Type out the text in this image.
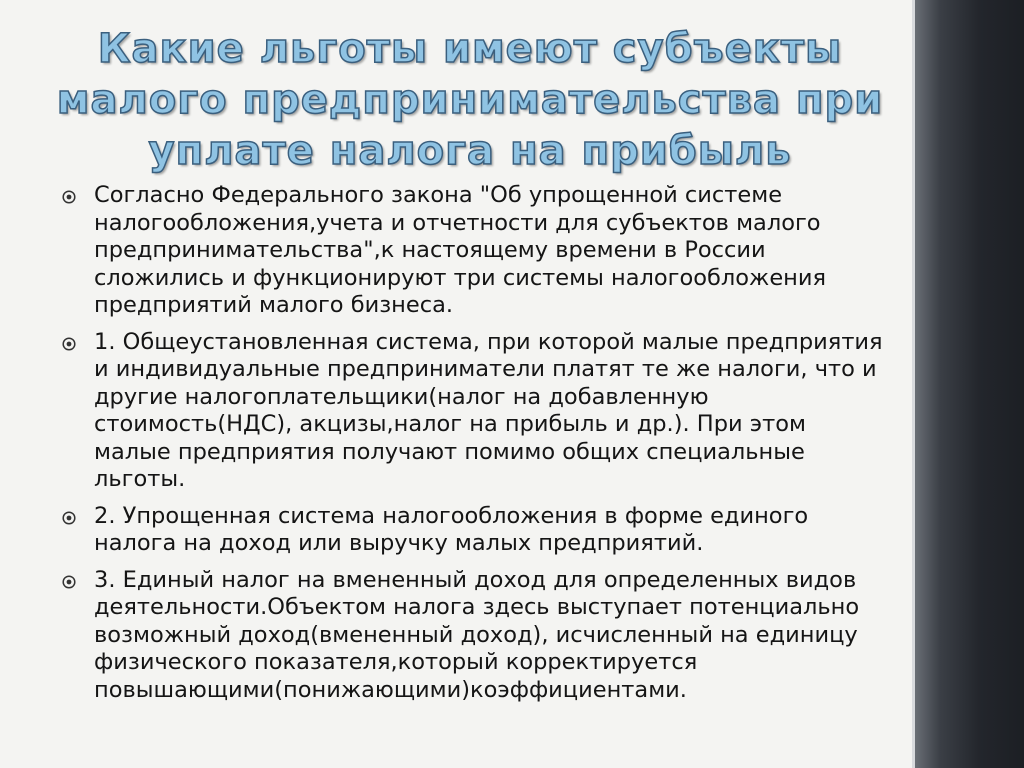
Какие льготы имеют субъекты
малого предпринимательства при
уплате налога на прибыль
Согласно Федерального закона "Об упрощенной системе
налогообложения,учета и отчетности для субъектов малого
предпринимательства",к настоящему времени в России
сложились и функционируют три системы налогообложения
предприятий малого бизнеса.
1. Общеустановленная система, при которой малые предприятия
и индивидуальные предприниматели платят те же налоги, что и
другие налогоплательщики(налог на добавленную
стоимость(НДС), акцизы,налог на прибыль и др.). При этом
малые предприятия получают помимо общих специальные
льготы.
2. Упрощенная система налогообложения в форме единого
налога на доход или выручку малых предприятий.
3. Единый налог на вмененный доход для определенных видов
деятельности.Объектом налога здесь выступает потенциально
возможный доход(вмененный доход), исчисленный на единицу
физического показателя,который корректируется
повышающими(понижающими)коэффициентами.
